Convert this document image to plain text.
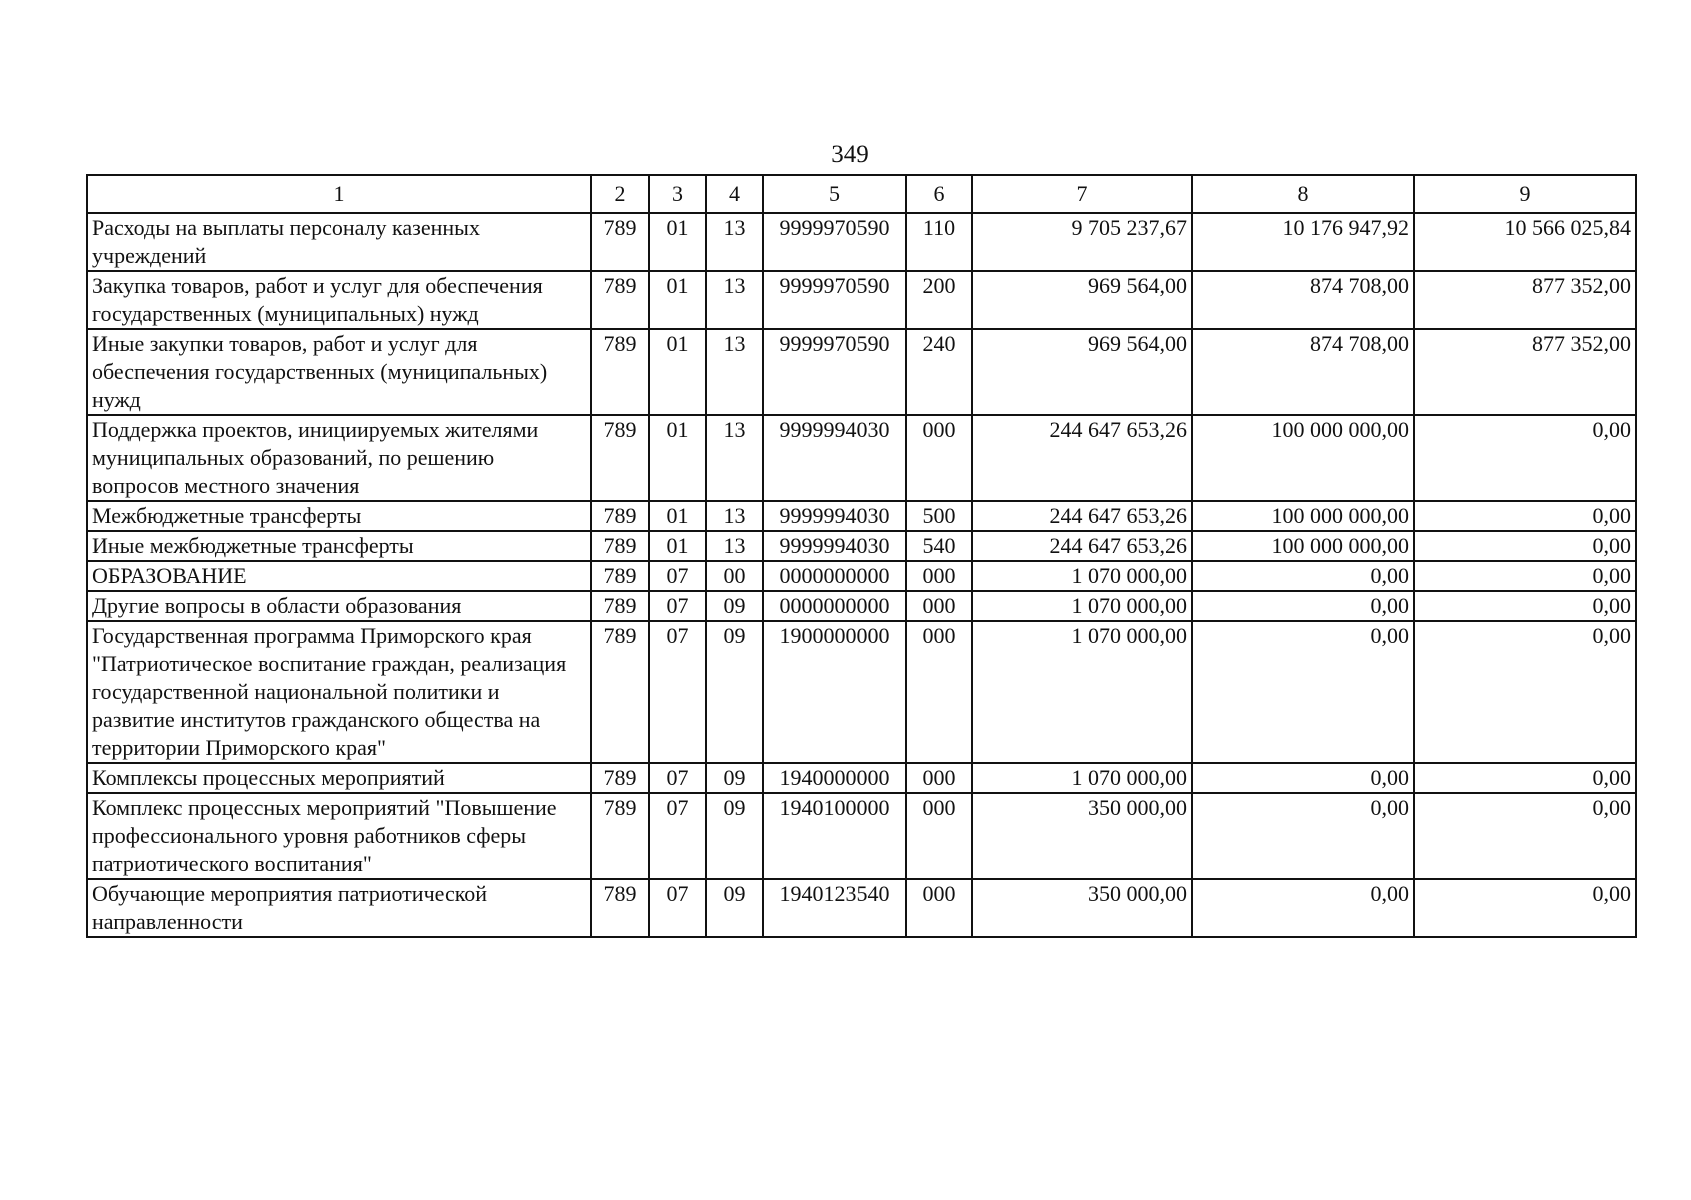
349
1	2	3	4	5	6	7	8	9
Расходы на выплаты персоналу казенных учреждений	789	01	13	9999970590	110	9 705 237,67	10 176 947,92	10 566 025,84
Закупка товаров, работ и услуг для обеспечения государственных (муниципальных) нужд	789	01	13	9999970590	200	969 564,00	874 708,00	877 352,00
Иные закупки товаров, работ и услуг для обеспечения государственных (муниципальных) нужд	789	01	13	9999970590	240	969 564,00	874 708,00	877 352,00
Поддержка проектов, инициируемых жителями муниципальных образований, по решению вопросов местного значения	789	01	13	9999994030	000	244 647 653,26	100 000 000,00	0,00
Межбюджетные трансферты	789	01	13	9999994030	500	244 647 653,26	100 000 000,00	0,00
Иные межбюджетные трансферты	789	01	13	9999994030	540	244 647 653,26	100 000 000,00	0,00
ОБРАЗОВАНИЕ	789	07	00	0000000000	000	1 070 000,00	0,00	0,00
Другие вопросы в области образования	789	07	09	0000000000	000	1 070 000,00	0,00	0,00
Государственная программа Приморского края "Патриотическое воспитание граждан, реализация государственной национальной политики и развитие институтов гражданского общества на территории Приморского края"	789	07	09	1900000000	000	1 070 000,00	0,00	0,00
Комплексы процессных мероприятий	789	07	09	1940000000	000	1 070 000,00	0,00	0,00
Комплекс процессных мероприятий "Повышение профессионального уровня работников сферы патриотического воспитания"	789	07	09	1940100000	000	350 000,00	0,00	0,00
Обучающие мероприятия патриотической направленности	789	07	09	1940123540	000	350 000,00	0,00	0,00
